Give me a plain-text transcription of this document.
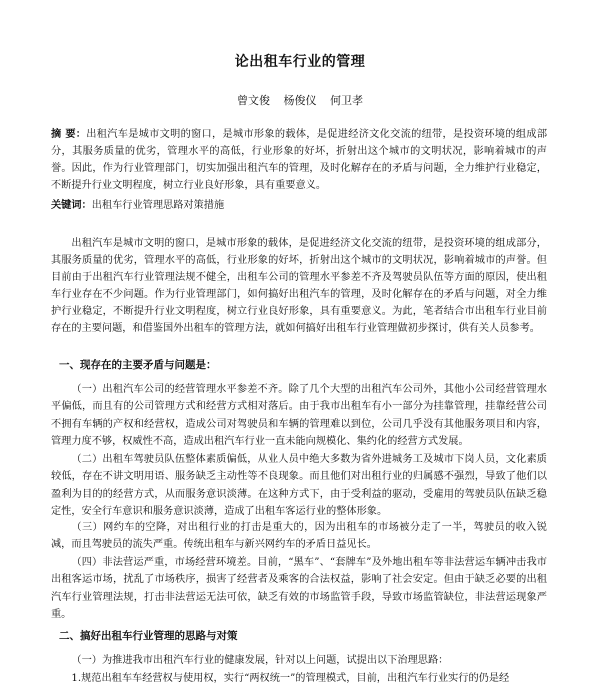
论出租车行业的管理
曾文俊 杨俊仪 何卫孝
摘 要：出租汽车是城市文明的窗口，是城市形象的载体，是促进经济文化交流的纽带，是投资环境的组成部分，其服务质量的优劣，管理水平的高低，行业形象的好坏，折射出这个城市的文明状况，影响着城市的声誉。因此，作为行业管理部门，切实加强出租汽车的管理，及时化解存在的矛盾与问题，全力维护行业稳定，不断提升行业文明程度，树立行业良好形象，具有重要意义。
关键词：出租车行业管理思路对策措施
出租汽车是城市文明的窗口，是城市形象的载体，是促进经济文化交流的纽带，是投资环境的组成部分，其服务质量的优劣，管理水平的高低，行业形象的好坏，折射出这个城市的文明状况，影响着城市的声誉。但目前由于出租汽车行业管理法规不健全，出租车公司的管理水平参差不齐及驾驶员队伍等方面的原因，使出租车行业存在不少问题。作为行业管理部门，如何搞好出租汽车的管理，及时化解存在的矛盾与问题，对全力维护行业稳定，不断提升行业文明程度，树立行业良好形象，具有重要意义。为此，笔者结合市出租车行业目前存在的主要问题，和借鉴国外出租车的管理方法，就如何搞好出租车行业管理做初步探讨，供有关人员参考。
一、现存在的主要矛盾与问题是：
（一）出租汽车公司的经营管理水平参差不齐。除了几个大型的出租汽车公司外，其他小公司经营管理水平偏低，而且有的公司管理方式和经营方式相对落后。由于我市出租车有小一部分为挂靠管理，挂靠经营公司不拥有车辆的产权和经营权，造成公司对驾驶员和车辆的管理难以到位，公司几乎没有其他服务项目和内容，管理力度不够，权威性不高，造成出租汽车行业一直未能向规模化、集约化的经营方式发展。
（二）出租车驾驶员队伍整体素质偏低，从业人员中绝大多数为省外进城务工及城市下岗人员，文化素质较低，存在不讲文明用语、服务缺乏主动性等不良现象。而且他们对出租行业的归属感不强烈，导致了他们以盈利为目的的经营方式，从而服务意识淡薄。在这种方式下，由于受利益的驱动，受雇用的驾驶员队伍缺乏稳定性，安全行车意识和服务意识淡薄，造成了出租车客运行业的整体形象。
（三）网约车的空降，对出租行业的打击是重大的，因为出租车的市场被分走了一半，驾驶员的收入锐减，而且驾驶员的流失严重。传统出租车与新兴网约车的矛盾日益见长。
（四）非法营运严重，市场经营环境差。目前，“黑车”、“套牌车”及外地出租车等非法营运车辆冲击我市出租客运市场，扰乱了市场秩序，损害了经营者及乘客的合法权益，影响了社会安定。但由于缺乏必要的出租汽车行业管理法规，打击非法营运无法可依，缺乏有效的市场监管手段，导致市场监管缺位，非法营运现象严重。
二、搞好出租车行业管理的思路与对策
（一）为推进我市出租汽车行业的健康发展，针对以上问题，试提出以下治理思路：
1.规范出租车车经营权与使用权，实行“两权统一”的管理模式，目前，出租汽车行业实行的仍是经
